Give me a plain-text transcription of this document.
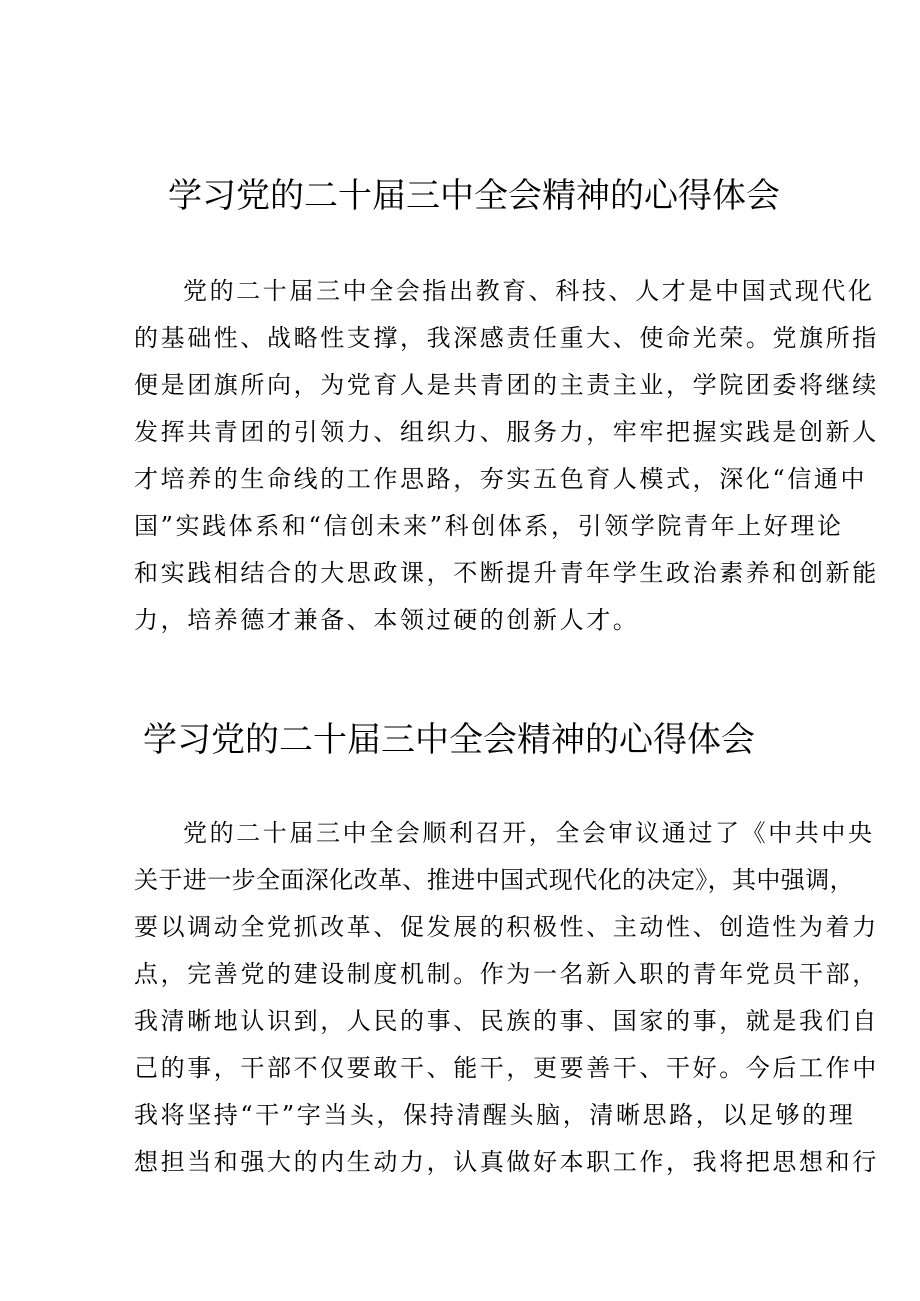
学习党的二十届三中全会精神的心得体会

党的二十届三中全会指出教育、科技、人才是中国式现代化

的基础性、战略性支撑，我深感责任重大、使命光荣。党旗所指

便是团旗所向，为党育人是共青团的主责主业，学院团委将继续

发挥共青团的引领力、组织力、服务力，牢牢把握实践是创新人

才培养的生命线的工作思路，夯实五色育人模式，深化“信通中

国”实践体系和“信创未来”科创体系，引领学院青年上好理论

和实践相结合的大思政课，不断提升青年学生政治素养和创新能

力，培养德才兼备、本领过硬的创新人才。

学习党的二十届三中全会精神的心得体会

党的二十届三中全会顺利召开，全会审议通过了《中共中央

关于进一步全面深化改革、推进中国式现代化的决定》，其中强调，

要以调动全党抓改革、促发展的积极性、主动性、创造性为着力

点，完善党的建设制度机制。作为一名新入职的青年党员干部，

我清晰地认识到，人民的事、民族的事、国家的事，就是我们自

己的事，干部不仅要敢干、能干，更要善干、干好。今后工作中

我将坚持“干”字当头，保持清醒头脑，清晰思路，以足够的理

想担当和强大的内生动力，认真做好本职工作，我将把思想和行
